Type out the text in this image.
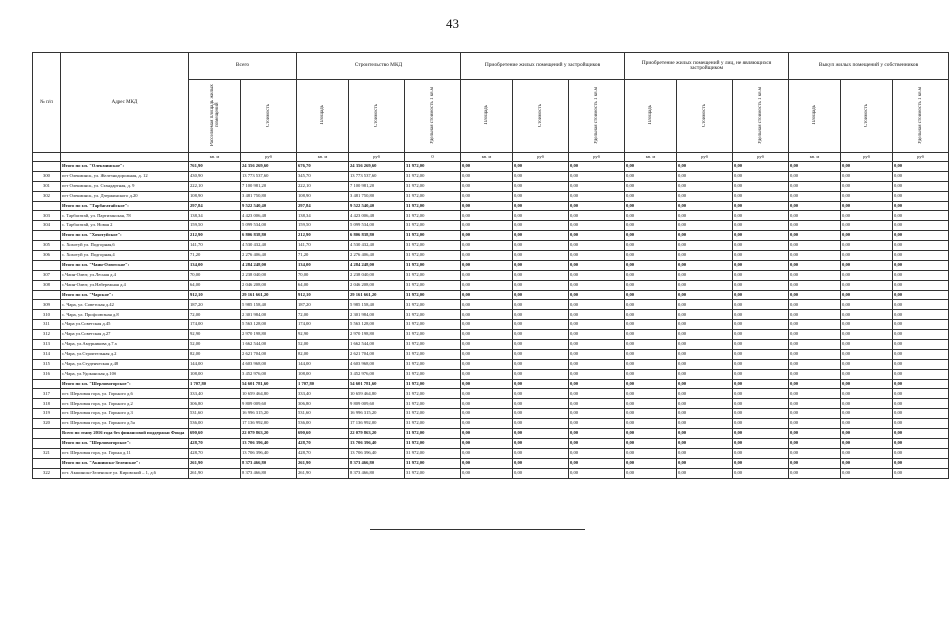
43
№ п/п	Адрес МКД	Всего		Строительство МКД			Приобретение жилых помещений у застройщиков			Приобретение жилых помещений у лиц, не являющихся застройщиком			Выкуп жилых помещений у собственников		
		Расселяемая площадь жилых помещений	Стоимость	Площадь	Стоимость	Удельная стоимость 1 кв.м	Площадь	Стоимость	Удельная стоимость 1 кв.м	Площадь	Стоимость	Удельная стоимость 1 кв.м	Площадь	Стоимость	Удельная стоимость 1 кв.м
		кв. м	руб	кв. м	руб	0	кв. м	руб	руб	кв. м	руб	руб	кв. м	руб	руб
	Итого по г.п. "Олекминское":	761,90	24 356 269,60	676,70	24 356 269,60	31 972,00	0,00	0,00	0,00	0,00	0,00	0,00	0,00	0,00	0,00
300	пгт Олекминск, ул. Железнодорожная, д. 12	430,90	13 773 537,60	345,70	13 773 537,60	31 972,00	0,00	0,00	0,00	0,00	0,00	0,00	0,00	0,00	0,00
301	пгт Олекминск, ул. Стандартная, д. 9	222,10	7 100 981,20	222,10	7 100 981,20	31 972,00	0,00	0,00	0,00	0,00	0,00	0,00	0,00	0,00	0,00
302	пгт Олекминск, ул. Дзержинского д.20	108,90	3 481 750,80	108,90	3 481 750,80	31 972,00	0,00	0,00	0,00	0,00	0,00	0,00	0,00	0,00	0,00
	Итого по г.п. "Тарбагатайское":	297,84	9 522 540,40	297,84	9 522 540,40	31 972,00	0,00	0,00	0,00	0,00	0,00	0,00	0,00	0,00	0,00
303	с. Тарбагатай, ул. Партизанская, 78	138,34	4 423 006,48	138,34	4 423 006,48	31 972,00	0,00	0,00	0,00	0,00	0,00	0,00	0,00	0,00	0,00
304	с. Тарбагатай, ул. Новая 2	159,50	5 099 534,00	159,50	5 099 534,00	31 972,00	0,00	0,00	0,00	0,00	0,00	0,00	0,00	0,00	0,00
	Итого по г.п. "Хохотуйское":	212,90	6 806 838,80	212,90	6 806 838,80	31 972,00	0,00	0,00	0,00	0,00	0,00	0,00	0,00	0,00	0,00
305	с. Хохотуй ул. Подгорная,6	141,70	4 530 432,40	141,70	4 530 432,40	31 972,00	0,00	0,00	0,00	0,00	0,00	0,00	0,00	0,00	0,00
306	с. Хохотуй ул. Подгорная,4	71,20	2 276 406,40	71,20	2 276 406,40	31 972,00	0,00	0,00	0,00	0,00	0,00	0,00	0,00	0,00	0,00
	Итого по г.п. "Чаин-Олютское":	134,00	4 284 248,00	134,00	4 284 248,00	31 972,00	0,00	0,00	0,00	0,00	0,00	0,00	0,00	0,00	0,00
307	с.Чаин-Олют, ул.Лесная д.4	70,00	2 238 040,00	70,00	2 238 040,00	31 972,00	0,00	0,00	0,00	0,00	0,00	0,00	0,00	0,00	0,00
308	с.Чаин-Олют, ул.Набережная д.4	64,00	2 046 208,00	64,00	2 046 208,00	31 972,00	0,00	0,00	0,00	0,00	0,00	0,00	0,00	0,00	0,00
	Итого по г.п. "Чарское":	912,10	29 161 661,20	912,10	29 161 661,20	31 972,00	0,00	0,00	0,00	0,00	0,00	0,00	0,00	0,00	0,00
309	с. Чара, ул. Советская д.42	187,20	5 985 158,40	187,20	5 985 158,40	31 972,00	0,00	0,00	0,00	0,00	0,00	0,00	0,00	0,00	0,00
310	с. Чара, ул. Профсоюзная д.8	72,00	2 301 984,00	72,00	2 301 984,00	31 972,00	0,00	0,00	0,00	0,00	0,00	0,00	0,00	0,00	0,00
311	с.Чара ул.Советская д.45	174,00	5 563 128,00	174,00	5 563 128,00	31 972,00	0,00	0,00	0,00	0,00	0,00	0,00	0,00	0,00	0,00
312	с.Чара ул.Советская д.27	92,90	2 970 198,80	92,90	2 970 198,80	31 972,00	0,00	0,00	0,00	0,00	0,00	0,00	0,00	0,00	0,00
313	с.Чара, ул.Амурникова д.7 а	52,00	1 662 544,00	52,00	1 662 544,00	31 972,00	0,00	0,00	0,00	0,00	0,00	0,00	0,00	0,00	0,00
314	с.Чара, ул.Строительная д.2	82,00	2 621 704,00	82,00	2 621 704,00	31 972,00	0,00	0,00	0,00	0,00	0,00	0,00	0,00	0,00	0,00
315	с.Чара, ул.Студенческая д.48	144,00	4 603 968,00	144,00	4 603 968,00	31 972,00	0,00	0,00	0,00	0,00	0,00	0,00	0,00	0,00	0,00
316	с.Чара, ул.Удоканская д.10б	108,00	3 452 976,00	108,00	3 452 976,00	31 972,00	0,00	0,00	0,00	0,00	0,00	0,00	0,00	0,00	0,00
	Итого по г.п. "Шерловогорское":	1 707,80	54 601 781,60	1 707,80	54 601 781,60	31 972,00	0,00	0,00	0,00	0,00	0,00	0,00	0,00	0,00	0,00
317	пгт. Шерловая гора, ул. Горького д.6	333,40	10 659 464,80	333,40	10 659 464,80	31 972,00	0,00	0,00	0,00	0,00	0,00	0,00	0,00	0,00	0,00
318	пгт. Шерловая гора, ул. Горького д.2	306,80	9 809 009,60	306,80	9 809 009,60	31 972,00	0,00	0,00	0,00	0,00	0,00	0,00	0,00	0,00	0,00
319	пгт. Шерловая гора, ул. Горького д.3	531,60	16 996 315,20	531,60	16 996 315,20	31 972,00	0,00	0,00	0,00	0,00	0,00	0,00	0,00	0,00	0,00
320	пгт. Шерловая гора, ул. Горького д.5а	536,00	17 136 992,00	536,00	17 136 992,00	31 972,00	0,00	0,00	0,00	0,00	0,00	0,00	0,00	0,00	0,00
	Всего по этапу 2016 года без финансовой поддержки Фонда	690,60	22 079 863,20	690,60	22 079 863,20	31 972,00	0,00	0,00	0,00	0,00	0,00	0,00	0,00	0,00	0,00
	Итого по г.п. "Шерловогорское":	428,70	13 706 396,40	428,70	13 706 396,40	31 972,00	0,00	0,00	0,00	0,00	0,00	0,00	0,00	0,00	0,00
321	пгт. Шерловая гора, ул. Горька д.11	428,70	13 706 396,40	428,70	13 706 396,40	31 972,00	0,00	0,00	0,00	0,00	0,00	0,00	0,00	0,00	0,00
	Итого по г.п. "Акшинско-Зеленское":	261,90	8 373 466,80	261,90	8 373 466,80	31 972,00	0,00	0,00	0,00	0,00	0,00	0,00	0,00	0,00	0,00
322	пгт. Акшинско-Зеленское ул. Кировский – 1, д.6	261,90	8 373 466,80	261,90	8 373 466,80	31 972,00	0,00	0,00	0,00	0,00	0,00	0,00	0,00	0,00	0,00
